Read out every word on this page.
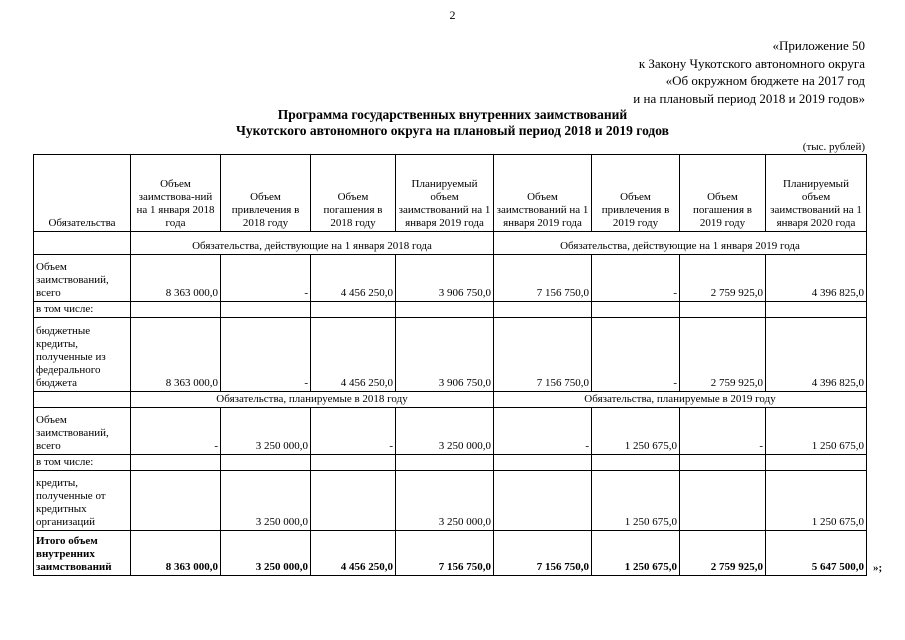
2
«Приложение 50
к Закону Чукотского автономного округа
«Об окружном бюджете на 2017 год
и на плановый период 2018 и 2019 годов»
Программа государственных внутренних заимствований
Чукотского автономного округа на плановый период 2018 и 2019 годов
(тыс. рублей)
Обязательства	Объем заимствова-ний на 1 января 2018 года	Объем привлечения в 2018 году	Объем погашения в 2018 году	Планируемый объем заимствований на 1 января 2019 года	Объем заимствований на 1 января 2019 года	Объем привлечения в 2019 году	Объем погашения в 2019 году	Планируемый объем заимствований на 1 января 2020 года
	Обязательства, действующие на 1 января 2018 года				Обязательства, действующие на 1 января 2019 года			
Объем заимствований, всего	8 363 000,0	-	4 456 250,0	3 906 750,0	7 156 750,0	-	2 759 925,0	4 396 825,0
в том числе:								
бюджетные кредиты, полученные из федерального бюджета	8 363 000,0	-	4 456 250,0	3 906 750,0	7 156 750,0	-	2 759 925,0	4 396 825,0
	Обязательства, планируемые в 2018 году				Обязательства, планируемые в 2019 году			
Объем заимствований, всего	-	3 250 000,0	-	3 250 000,0	-	1 250 675,0	-	1 250 675,0
в том числе:								
кредиты, полученные от кредитных организаций		3 250 000,0		3 250 000,0		1 250 675,0		1 250 675,0
Итого объем внутренних заимствований	8 363 000,0	3 250 000,0	4 456 250,0	7 156 750,0	7 156 750,0	1 250 675,0	2 759 925,0	5 647 500,0 »;
